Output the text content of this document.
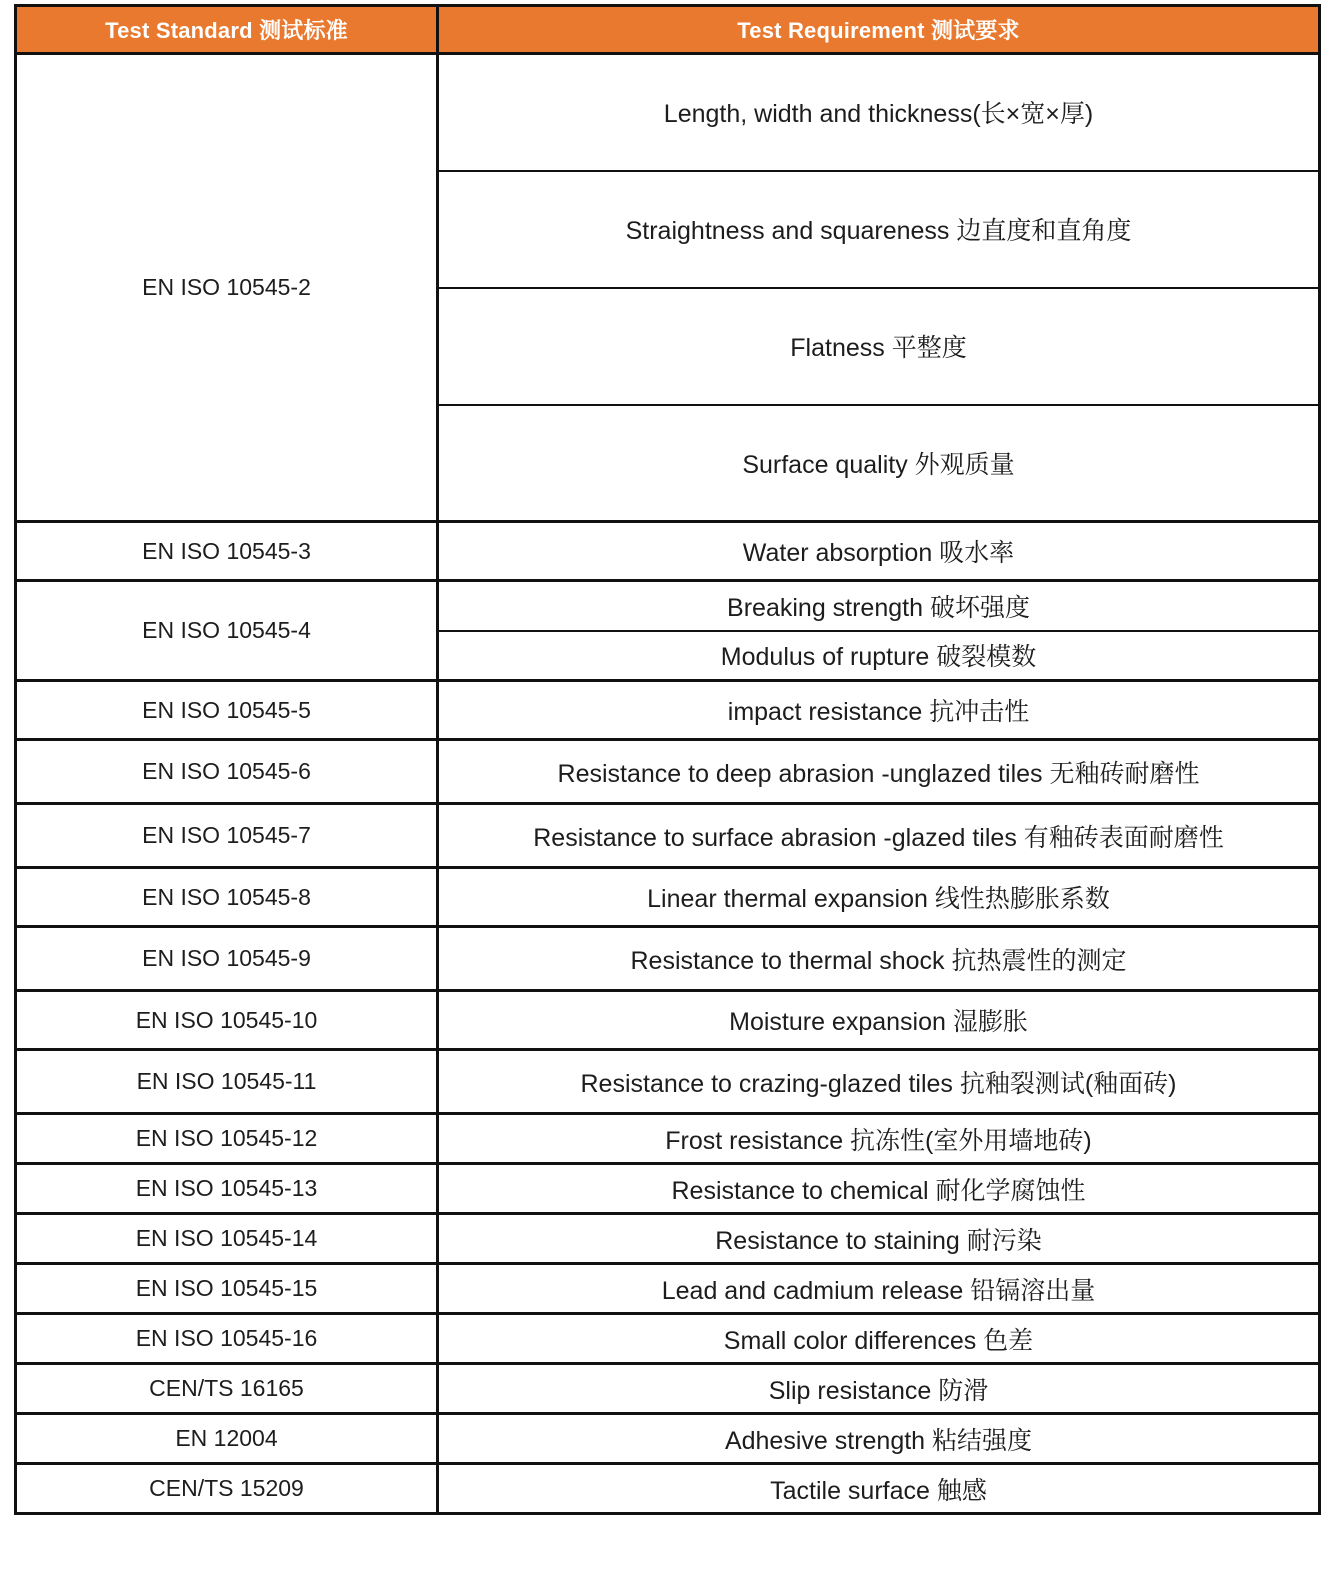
Test Standard 测试标准	Test Requirement 测试要求
EN ISO 10545-2	Length, width and thickness(长×宽×厚)
	Straightness and squareness 边直度和直角度
	Flatness 平整度
	Surface quality 外观质量
EN ISO 10545-3	Water absorption 吸水率
EN ISO 10545-4	Breaking strength 破坏强度
	Modulus of rupture 破裂模数
EN ISO 10545-5	impact resistance 抗冲击性
EN ISO 10545-6	Resistance to deep abrasion -unglazed tiles 无釉砖耐磨性
EN ISO 10545-7	Resistance to surface abrasion -glazed tiles 有釉砖表面耐磨性
EN ISO 10545-8	Linear thermal expansion 线性热膨胀系数
EN ISO 10545-9	Resistance to thermal shock 抗热震性的测定
EN ISO 10545-10	Moisture expansion 湿膨胀
EN ISO 10545-11	Resistance to crazing-glazed tiles 抗釉裂测试(釉面砖)
EN ISO 10545-12	Frost resistance 抗冻性(室外用墙地砖)
EN ISO 10545-13	Resistance to chemical 耐化学腐蚀性
EN ISO 10545-14	Resistance to staining 耐污染
EN ISO 10545-15	Lead and cadmium release 铅镉溶出量
EN ISO 10545-16	Small color differences 色差
CEN/TS 16165	Slip resistance 防滑
EN 12004	Adhesive strength 粘结强度
CEN/TS 15209	Tactile surface 触感
